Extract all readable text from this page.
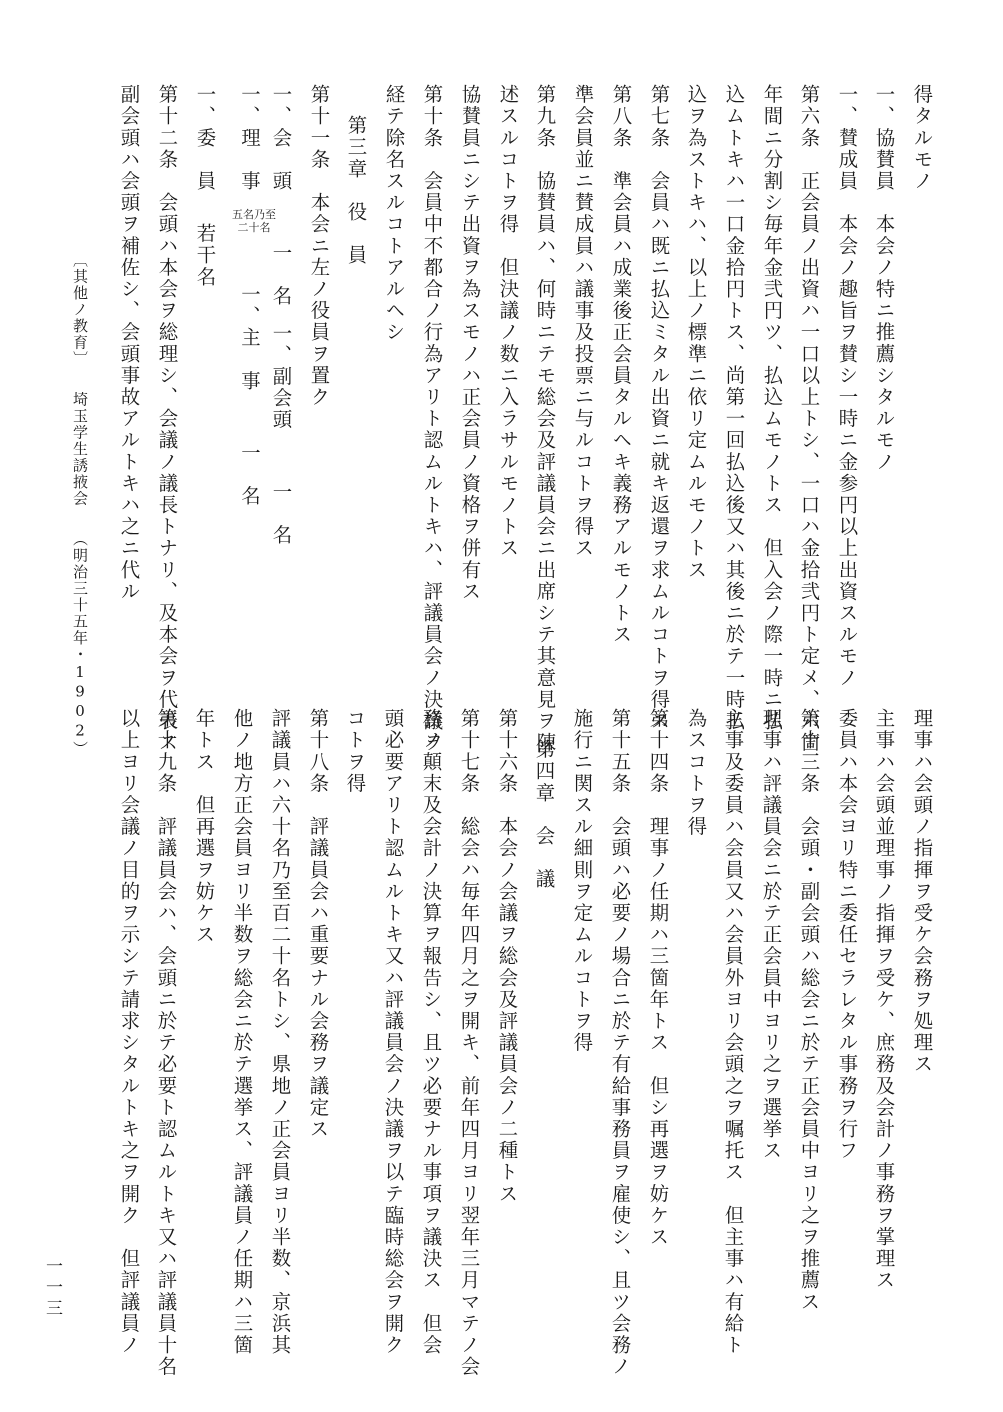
得タルモノ
一、協賛員　本会ノ特ニ推薦シタルモノ
一、賛成員　本会ノ趣旨ヲ賛シ一時ニ金参円以上出資スルモノ
第六条　正会員ノ出資ハ一口以上トシ、一口ハ金拾弐円ト定メ、六箇
年間ニ分割シ毎年金弐円ツ、払込ムモノトス　但入会ノ際一時ニ払
込ムトキハ一口金拾円トス、尚第一回払込後又ハ其後ニ於テ一時払
込ヲ為ストキハ、以上ノ標準ニ依リ定ムルモノトス
第七条　会員ハ既ニ払込ミタル出資ニ就キ返還ヲ求ムルコトヲ得ス
第八条　準会員ハ成業後正会員タルヘキ義務アルモノトス
準会員並ニ賛成員ハ議事及投票ニ与ルコトヲ得ス
第九条　協賛員ハ、何時ニテモ総会及評議員会ニ出席シテ其意見ヲ陳
述スルコトヲ得　但決議ノ数ニ入ラサルモノトス
協賛員ニシテ出資ヲ為スモノハ正会員ノ資格ヲ併有ス
第十条　会員中不都合ノ行為アリト認ムルトキハ、評議員会ノ決議ヲ
経テ除名スルコトアルヘシ
第三章　役　員
第十一条　本会ニ左ノ役員ヲ置ク
一、会　頭一　名一、副会頭一　名
一、理　事
五名乃至
二十名
一、主　事一　名
一、委　員若干名
第十二条　会頭ハ本会ヲ総理シ、会議ノ議長トナリ、及本会ヲ代表ス
副会頭ハ会頭ヲ補佐シ、会頭事故アルトキハ之ニ代ル
〔其他ノ教育〕埼玉学生誘掖会（明治三十五年・1902）
理事ハ会頭ノ指揮ヲ受ケ会務ヲ処理ス
主事ハ会頭並理事ノ指揮ヲ受ケ、庶務及会計ノ事務ヲ掌理ス
委員ハ本会ヨリ特ニ委任セラレタル事務ヲ行フ
第十三条　会頭・副会頭ハ総会ニ於テ正会員中ヨリ之ヲ推薦ス
理事ハ評議員会ニ於テ正会員中ヨリ之ヲ選挙ス
主事及委員ハ会員又ハ会員外ヨリ会頭之ヲ嘱托ス　但主事ハ有給ト
為スコトヲ得
第十四条　理事ノ任期ハ三箇年トス　但シ再選ヲ妨ケス
第十五条　会頭ハ必要ノ場合ニ於テ有給事務員ヲ雇使シ、且ツ会務ノ
施行ニ関スル細則ヲ定ムルコトヲ得
第四章　会　議
第十六条　本会ノ会議ヲ総会及評議員会ノ二種トス
第十七条　総会ハ毎年四月之ヲ開キ、前年四月ヨリ翌年三月マテノ会
務ノ顛末及会計ノ決算ヲ報告シ、且ツ必要ナル事項ヲ議決ス　但会
頭必要アリト認ムルトキ又ハ評議員会ノ決議ヲ以テ臨時総会ヲ開ク
コトヲ得
第十八条　評議員会ハ重要ナル会務ヲ議定ス
評議員ハ六十名乃至百二十名トシ、県地ノ正会員ヨリ半数、京浜其
他ノ地方正会員ヨリ半数ヲ総会ニ於テ選挙ス、評議員ノ任期ハ三箇
年トス　但再選ヲ妨ケス
第十九条　評議員会ハ、会頭ニ於テ必要ト認ムルトキ又ハ評議員十名
以上ヨリ会議ノ目的ヲ示シテ請求シタルトキ之ヲ開ク　但評議員ノ
一一三
